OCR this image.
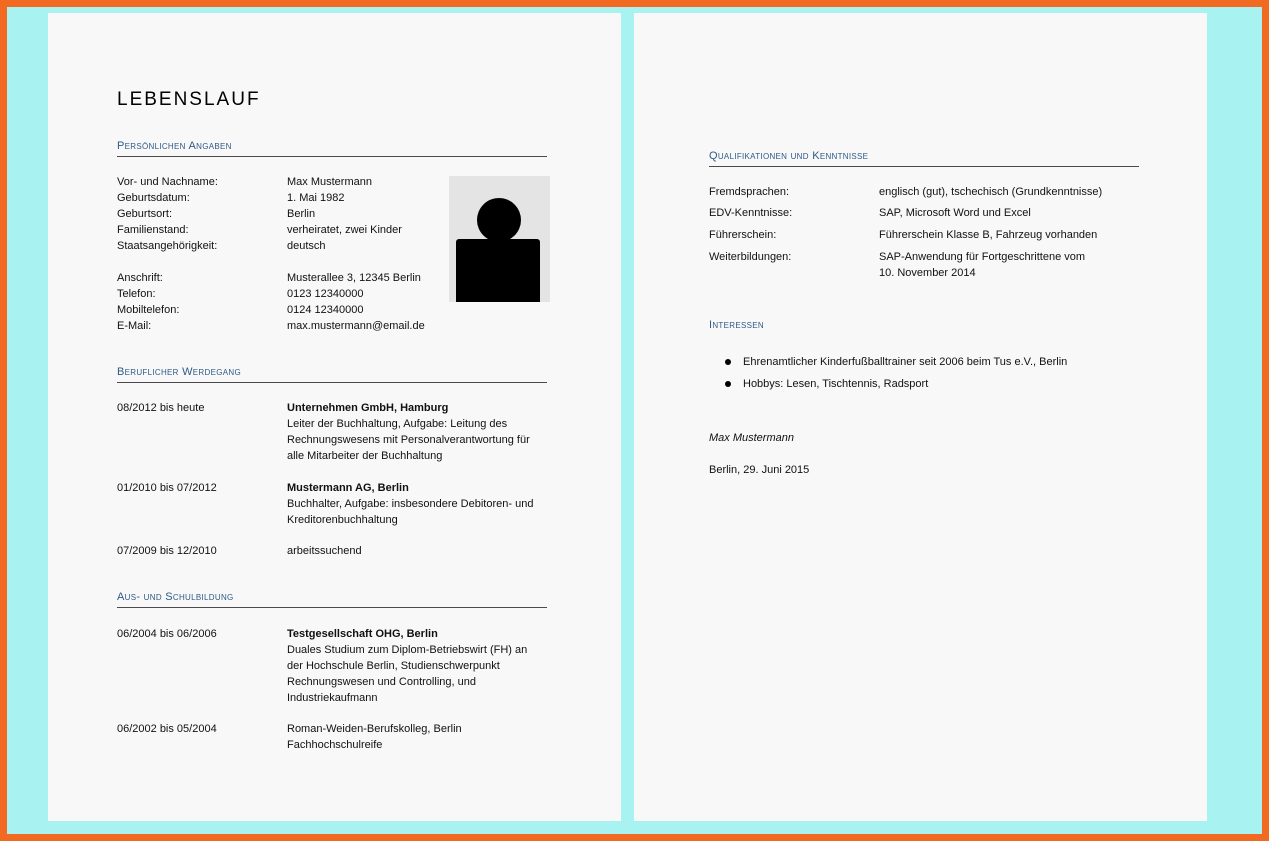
LEBENSLAUF
Persönlichen Angaben
Vor- und Nachname:	Max Mustermann
Geburtsdatum:	1. Mai 1982
Geburtsort:	Berlin
Familienstand:	verheiratet, zwei Kinder
Staatsangehörigkeit:	deutsch
Anschrift:	Musterallee 3, 12345 Berlin
Telefon:	0123 12340000
Mobiltelefon:	0124 12340000
E-Mail:	max.mustermann@email.de
Beruflicher Werdegang
08/2012 bis heute	Unternehmen GmbH, Hamburg
Leiter der Buchhaltung, Aufgabe: Leitung des
Rechnungswesens mit Personalverantwortung für
alle Mitarbeiter der Buchhaltung
01/2010 bis 07/2012	Mustermann AG, Berlin
Buchhalter, Aufgabe: insbesondere Debitoren- und
Kreditorenbuchhaltung
07/2009 bis 12/2010	arbeitssuchend
Aus- und Schulbildung
06/2004 bis 06/2006	Testgesellschaft OHG, Berlin
Duales Studium zum Diplom-Betriebswirt (FH) an
der Hochschule Berlin, Studienschwerpunkt
Rechnungswesen und Controlling, und
Industriekaufmann
06/2002 bis 05/2004	Roman-Weiden-Berufskolleg, Berlin
Fachhochschulreife
Qualifikationen und Kenntnisse
Fremdsprachen:	englisch (gut), tschechisch (Grundkenntnisse)
EDV-Kenntnisse:	SAP, Microsoft Word und Excel
Führerschein:	Führerschein Klasse B, Fahrzeug vorhanden
Weiterbildungen:	SAP-Anwendung für Fortgeschrittene vom
10. November 2014
Interessen
Ehrenamtlicher Kinderfußballtrainer seit 2006 beim Tus e.V., Berlin
Hobbys: Lesen, Tischtennis, Radsport
Max Mustermann
Berlin, 29. Juni 2015
